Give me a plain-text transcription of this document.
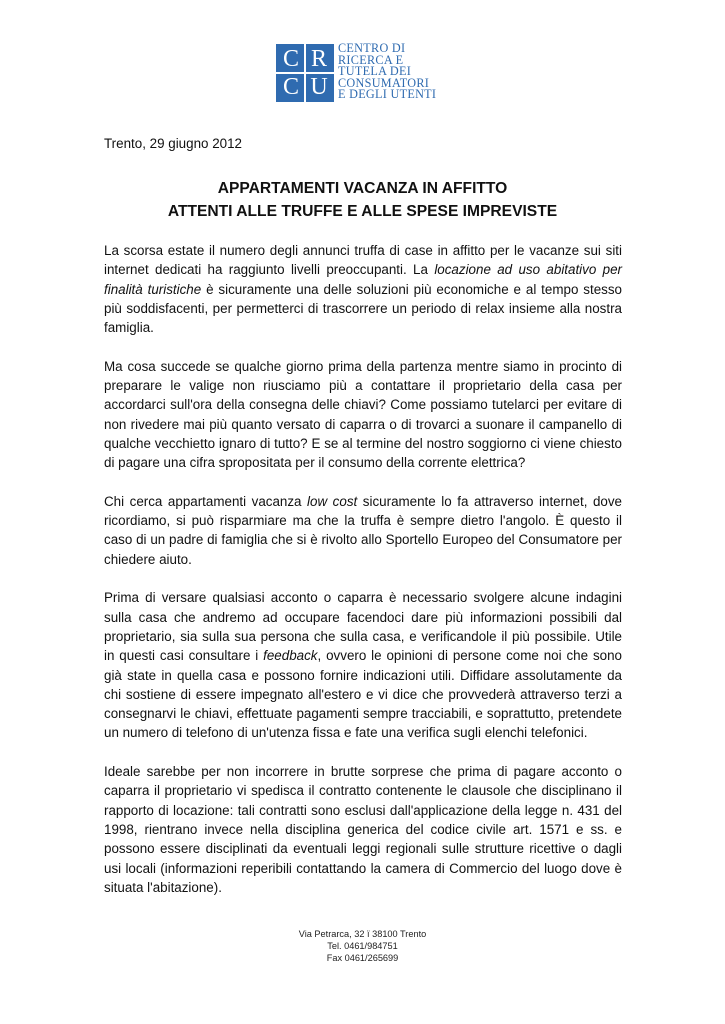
C R
C U
CENTRO DI
RICERCA E
TUTELA DEI
CONSUMATORI
E DEGLI UTENTI
Trento, 29 giugno 2012
APPARTAMENTI VACANZA IN AFFITTO
ATTENTI ALLE TRUFFE E ALLE SPESE IMPREVISTE

La scorsa estate il numero degli annunci truffa di case in affitto per le vacanze sui siti internet dedicati ha raggiunto livelli preoccupanti. La locazione ad uso abitativo per finalità turistiche è sicuramente una delle soluzioni più economiche e al tempo stesso più soddisfacenti, per permetterci di trascorrere un periodo di relax insieme alla nostra famiglia.

Ma cosa succede se qualche giorno prima della partenza mentre siamo in procinto di preparare le valige non riusciamo più a contattare il proprietario della casa per accordarci sull'ora della consegna delle chiavi? Come possiamo tutelarci per evitare di non rivedere mai più quanto versato di caparra o di trovarci a suonare il campanello di qualche vecchietto ignaro di tutto? E se al termine del nostro soggiorno ci viene chiesto di pagare una cifra spropositata per il consumo della corrente elettrica?

Chi cerca appartamenti vacanza low cost sicuramente lo fa attraverso internet, dove ricordiamo, si può risparmiare ma che la truffa è sempre dietro l'angolo. È questo il caso di un padre di famiglia che si è rivolto allo Sportello Europeo del Consumatore per chiedere aiuto.

Prima di versare qualsiasi acconto o caparra è necessario svolgere alcune indagini sulla casa che andremo ad occupare facendoci dare più informazioni possibili dal proprietario, sia sulla sua persona che sulla casa, e verificandole il più possibile. Utile in questi casi consultare i feedback, ovvero le opinioni di persone come noi che sono già state in quella casa e possono fornire indicazioni utili. Diffidare assolutamente da chi sostiene di essere impegnato all'estero e vi dice che provvederà attraverso terzi a consegnarvi le chiavi, effettuate pagamenti sempre tracciabili, e soprattutto, pretendete un numero di telefono di un'utenza fissa e fate una verifica sugli elenchi telefonici.

Ideale sarebbe per non incorrere in brutte sorprese che prima di pagare acconto o caparra il proprietario vi spedisca il contratto contenente le clausole che disciplinano il rapporto di locazione: tali contratti sono esclusi dall'applicazione della legge n. 431 del 1998, rientrano invece nella disciplina generica del codice civile art. 1571 e ss. e possono essere disciplinati da eventuali leggi regionali sulle strutture ricettive o dagli usi locali (informazioni reperibili contattando la camera di Commercio del luogo dove è situata l'abitazione).

Via Petrarca, 32 ï 38100 Trento
Tel. 0461/984751
Fax 0461/265699
